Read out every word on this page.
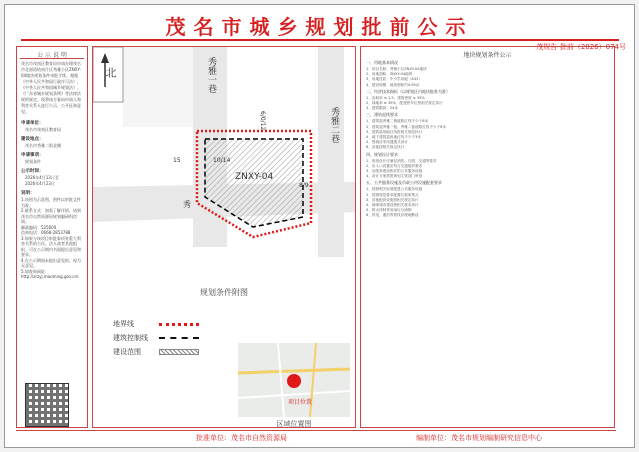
茂名市城乡规划批前公示
茂规告-批前（2026）074号
公 示 说 明
茂名市茂南区教育局申请办理茂名市北部团结南片区秀雅小区ZNXY-04地块规划条件审批手续。根据《中华人民共和国行政许可法》、《中华人民共和国城乡规划法》、《广东省城乡规划条例》等法律法规的规定，现将该方案向申请人和利害关系人进行公示，公开征询意见。
申请单位：
茂名市茂南区教育局
建设地点：
茂名市秀雅二街北侧
申请事项：
规划条件
公示时间：
2026年4月13日至
2026年4月23日
说明：
1.该图为示意图，图件以审批文件为准。
2.联系方式：如需了解详情，请到茂名市自然资源局规划编研科咨询。
邮政编码：525000
咨询电话：0668-2853788
3.如果与该项目审批事项有重大利害关系的公民、法人或者其他组织，可在公示期内书面提出意见和要求。
4.在公示期间未提出意见的，视为无意见。
5.如查询网址：http://zrzyj.maoming.gov.cn/
北	秀雅一巷
秀雅二巷
秀
ZNXY-04
15	10/14
6/0/12
8/9
规划条件附图
地界线
建筑控制线
建设范围
项目位置
区域位置图
地块规划条件公示
一、用地基本情况
1、项目名称：秀雅小区ZNXY-04地块
2、用地面积：ZNXY-04地块
3、用地性质：中小学用地（A33）
4、建设规模：地块面积约4.95亩
二、经济技术指标（以规划区内地块批准为准）
1、容积率 ≤ 1.5；建筑密度 ≤ 35%
2、绿地率 ≥ 35%，配建停车位按相关规定执行
3、建筑限高：24米
三、建筑退线要求
1、建筑退秀雅二街道路红线不少于8米
2、建筑退秀雅一巷、秀雅二巷道路红线不少于6米
3、建筑退用地红线按相关规范执行
4、地下建筑退用地红线不少于3米
5、围墙应采用通透式设计
6、其他按相关规定执行
四、规划设计要求
1、规划设计应满足消防、日照、交通等要求
2、出入口设置应符合交通组织要求
3、应配套建设相应的公共服务设施
4、设计方案需报规划主管部门审批
五、公共服务设施及市政公用设施配套要求
1、按照相关标准配建公共服务设施
2、按照规范要求配置垃圾收集点
3、其他配套设施按相关规定执行
4、海绵城市建设按相关要求执行
5、排水体制采用雨污分流制
6、供电、通信等管线应埋地敷设
批准单位：茂名市自然资源局	编制单位：茂名市规划编制研究信息中心
